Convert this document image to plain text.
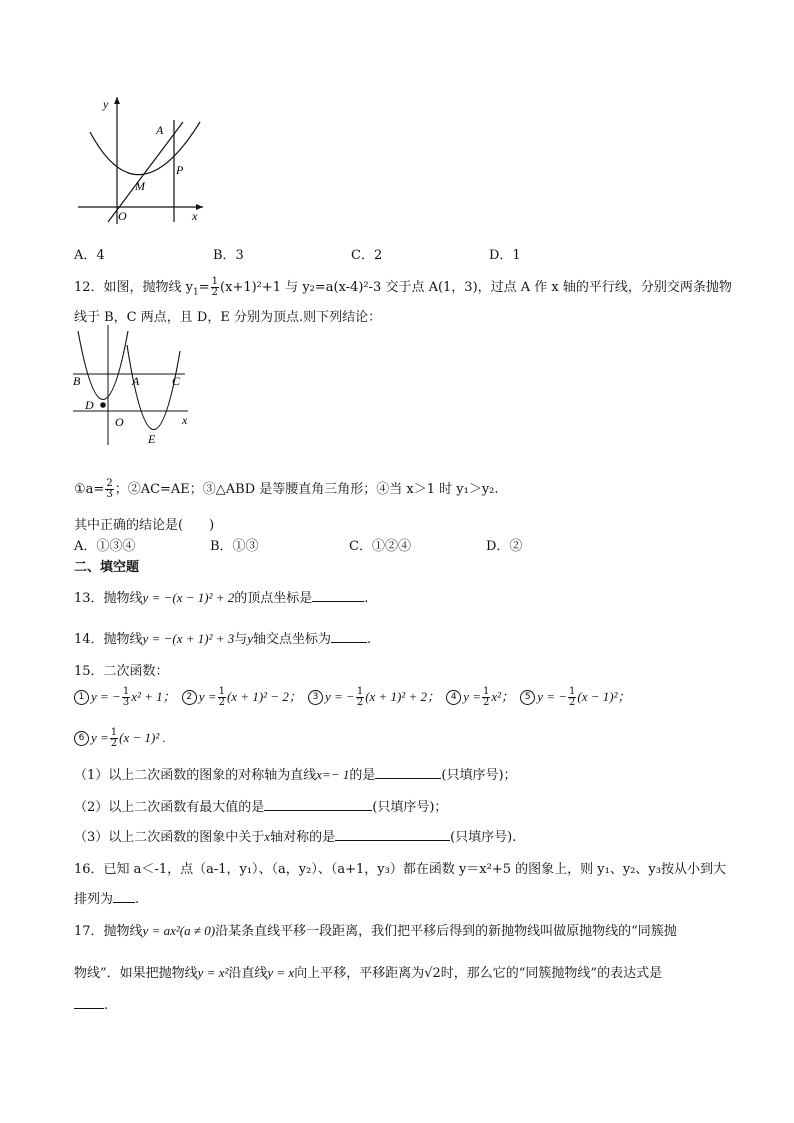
y
x
O
A
M
P
A．4	B．3	C．2	D．1
12．如图，抛物线 $y_1= \frac{1}{2} (x+1)^2+1$ 与 y₂=a(x-4)²-3 交于点 A(1，3)，过点 A 作 x 轴的平行线，分别交两条抛物
线于 B，C 两点，且 D，E 分别为顶点.则下列结论：
B	A	C
D
O
E
x
①a= $\frac{2}{3}$ ；②AC=AE；③△ABD 是等腰直角三角形；④当 x＞1 时 y₁＞y₂.
其中正确的结论是(　　)
A．①③④	B．①③	C．①②④	D．②
二、填空题
13．抛物线y = −(x − 1)² + 2的顶点坐标是	.
14．抛物线y = −(x + 1)² + 3与y轴交点坐标为	.
15．二次函数：
1 y = − $\frac{1}{3} x^2 + 1$； 2 $y = \frac{1}{2} (x + 1)^2 - 2$； 3 y = − $\frac{1}{2} (x + 1)^2 + 2$； 4 $y = \frac{1}{2} x^2$； 5 y = − $\frac{1}{2} (x - 1)^2$；
6 $y = \frac{1}{2} (x - 1)^2$ .
（1）以上二次函数的图象的对称轴为直线x=− 1的是	(只填序号)；
（2）以上二次函数有最大值的是	(只填序号)；
（3）以上二次函数的图象中关于x轴对称的是	(只填序号).
16．已知 a＜-1，点（a-1，y₁）、（a，y₂）、（a+1，y₃）都在函数 y＝x²+5 的图象上，则 y₁、y₂、y₃按从小到大
排列为 .
17．抛物线y = ax²(a ≠ 0)沿某条直线平移一段距离，我们把平移后得到的新抛物线叫做原抛物线的“同簇抛
物线”．如果把抛物线y = x²沿直线y = x向上平移，平移距离为√2时，那么它的“同簇抛物线”的表达式是
.
